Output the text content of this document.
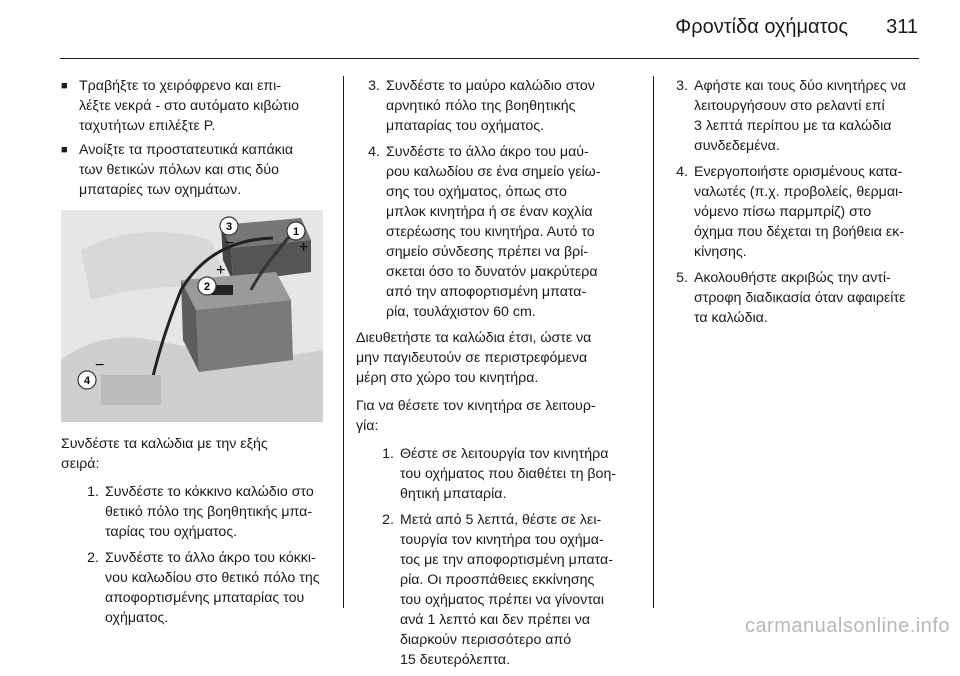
Φροντίδα οχήματος 311
■ Τραβήξτε το χειρόφρενο και επι-
λέξτε νεκρά - στο αυτόματο κιβώτιο
ταχυτήτων επιλέξτε P.
■ Ανοίξτε τα προστατευτικά καπάκια
των θετικών πόλων και στις δύο
μπαταρίες των οχημάτων.
1
2
3
4
+
+
−
−

Συνδέστε τα καλώδια με την εξής
σειρά:

1. Συνδέστε το κόκκινο καλώδιο στο
θετικό πόλο της βοηθητικής μπα-
ταρίας του οχήματος.
2. Συνδέστε το άλλο άκρο του κόκκι-
νου καλωδίου στο θετικό πόλο της
αποφορτισμένης μπαταρίας του
οχήματος.
3. Συνδέστε το μαύρο καλώδιο στον
αρνητικό πόλο της βοηθητικής
μπαταρίας του οχήματος.
4. Συνδέστε το άλλο άκρο του μαύ-
ρου καλωδίου σε ένα σημείο γείω-
σης του οχήματος, όπως στο
μπλοκ κινητήρα ή σε έναν κοχλία
στερέωσης του κινητήρα. Αυτό το
σημείο σύνδεσης πρέπει να βρί-
σκεται όσο το δυνατόν μακρύτερα
από την αποφορτισμένη μπατα-
ρία, τουλάχιστον 60 cm.

Διευθετήστε τα καλώδια έτσι, ώστε να
μην παγιδευτούν σε περιστρεφόμενα
μέρη στο χώρο του κινητήρα.

Για να θέσετε τον κινητήρα σε λειτουρ-
γία:

1. Θέστε σε λειτουργία τον κινητήρα
του οχήματος που διαθέτει τη βοη-
θητική μπαταρία.
2. Μετά από 5 λεπτά, θέστε σε λει-
τουργία τον κινητήρα του οχήμα-
τος με την αποφορτισμένη μπατα-
ρία. Οι προσπάθειες εκκίνησης
του οχήματος πρέπει να γίνονται
ανά 1 λεπτό και δεν πρέπει να
διαρκούν περισσότερο από
15 δευτερόλεπτα.
3. Αφήστε και τους δύο κινητήρες να
λειτουργήσουν στο ρελαντί επί
3 λεπτά περίπου με τα καλώδια
συνδεδεμένα.
4. Ενεργοποιήστε ορισμένους κατα-
ναλωτές (π.χ. προβολείς, θερμαι-
νόμενο πίσω παρμπρίζ) στο
όχημα που δέχεται τη βοήθεια εκ-
κίνησης.
5. Ακολουθήστε ακριβώς την αντί-
στροφη διαδικασία όταν αφαιρείτε
τα καλώδια.
carmanualsonline.info
